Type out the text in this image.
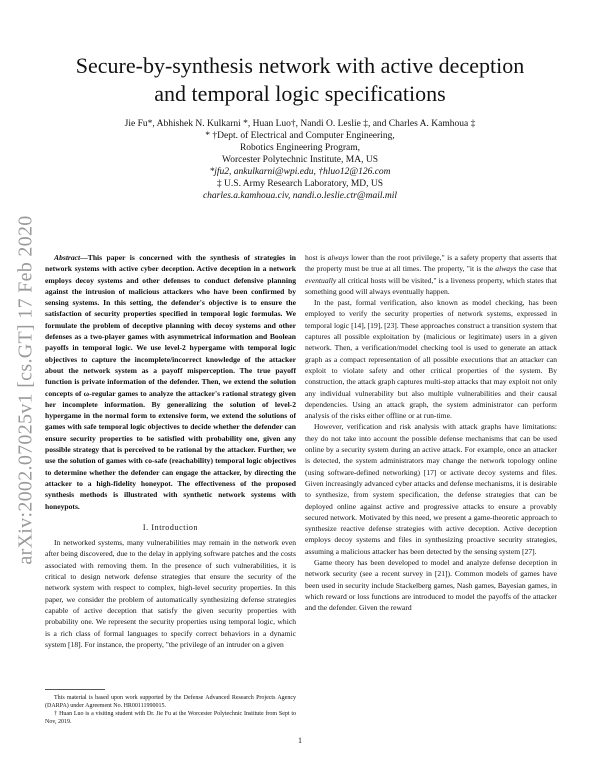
arXiv:2002.07025v1 [cs.GT] 17 Feb 2020
Secure-by-synthesis network with active deception
and temporal logic specifications
Jie Fu*, Abhishek N. Kulkarni *, Huan Luo†, Nandi O. Leslie ‡, and Charles A. Kamhoua ‡
* †Dept. of Electrical and Computer Engineering,
Robotics Engineering Program,
Worcester Polytechnic Institute, MA, US
*jfu2, ankulkarni@wpi.edu, †hluo12@126.com
‡ U.S. Army Research Laboratory, MD, US
charles.a.kamhoua.civ, nandi.o.leslie.ctr@mail.mil

Abstract—This paper is concerned with the synthesis of strategies in network systems with active cyber deception. Active deception in a network employs decoy systems and other defenses to conduct defensive planning against the intrusion of malicious attackers who have been confirmed by sensing systems. In this setting, the defender's objective is to ensure the satisfaction of security properties specified in temporal logic formulas. We formulate the problem of deceptive planning with decoy systems and other defenses as a two-player games with asymmetrical information and Boolean payoffs in temporal logic. We use level-2 hypergame with temporal logic objectives to capture the incomplete/incorrect knowledge of the attacker about the network system as a payoff misperception. The true payoff function is private information of the defender. Then, we extend the solution concepts of ω-regular games to analyze the attacker's rational strategy given her incomplete information. By generalizing the solution of level-2 hypergame in the normal form to extensive form, we extend the solutions of games with safe temporal logic objectives to decide whether the defender can ensure security properties to be satisfied with probability one, given any possible strategy that is perceived to be rational by the attacker. Further, we use the solution of games with co-safe (reachability) temporal logic objectives to determine whether the defender can engage the attacker, by directing the attacker to a high-fidelity honeypot. The effectiveness of the proposed synthesis methods is illustrated with synthetic network systems with honeypots.

I. Introduction

In networked systems, many vulnerabilities may remain in the network even after being discovered, due to the delay in applying software patches and the costs associated with removing them. In the presence of such vulnerabilities, it is critical to design network defense strategies that ensure the security of the network system with respect to complex, high-level security properties. In this paper, we consider the problem of automatically synthesizing defense strategies capable of active deception that satisfy the given security properties with probability one. We represent the security properties using temporal logic, which is a rich class of formal languages to specify correct behaviors in a dynamic system [18]. For instance, the property, "the privilege of an intruder on a given

This material is based upon work supported by the Defense Advanced Research Projects Agency (DARPA) under Agreement No. HR00111990015.

† Huan Luo is a visiting student with Dr. Jie Fu at the Worcester Polytechnic Institute from Sept to Nov, 2019.

host is always lower than the root privilege," is a safety property that asserts that the property must be true at all times. The property, "it is the always the case that eventually all critical hosts will be visited," is a liveness property, which states that something good will always eventually happen.

In the past, formal verification, also known as model checking, has been employed to verify the security properties of network systems, expressed in temporal logic [14], [19], [23]. These approaches construct a transition system that captures all possible exploitation by (malicious or legitimate) users in a given network. Then, a verification/model checking tool is used to generate an attack graph as a compact representation of all possible executions that an attacker can exploit to violate safety and other critical properties of the system. By construction, the attack graph captures multi-step attacks that may exploit not only any individual vulnerability but also multiple vulnerabilities and their causal dependencies. Using an attack graph, the system administrator can perform analysis of the risks either offline or at run-time.

However, verification and risk analysis with attack graphs have limitations: they do not take into account the possible defense mechanisms that can be used online by a security system during an active attack. For example, once an attacker is detected, the system administrators may change the network topology online (using software-defined networking) [17] or activate decoy systems and files. Given increasingly advanced cyber attacks and defense mechanisms, it is desirable to synthesize, from system specification, the defense strategies that can be deployed online against active and progressive attacks to ensure a provably secured network. Motivated by this need, we present a game-theoretic approach to synthesize reactive defense strategies with active deception. Active deception employs decoy systems and files in synthesizing proactive security strategies, assuming a malicious attacker has been detected by the sensing system [27].

Game theory has been developed to model and analyze defense deception in network security (see a recent survey in [21]). Common models of games have been used in security include Stackelberg games, Nash games, Bayesian games, in which reward or loss functions are introduced to model the payoffs of the attacker and the defender. Given the reward

1
